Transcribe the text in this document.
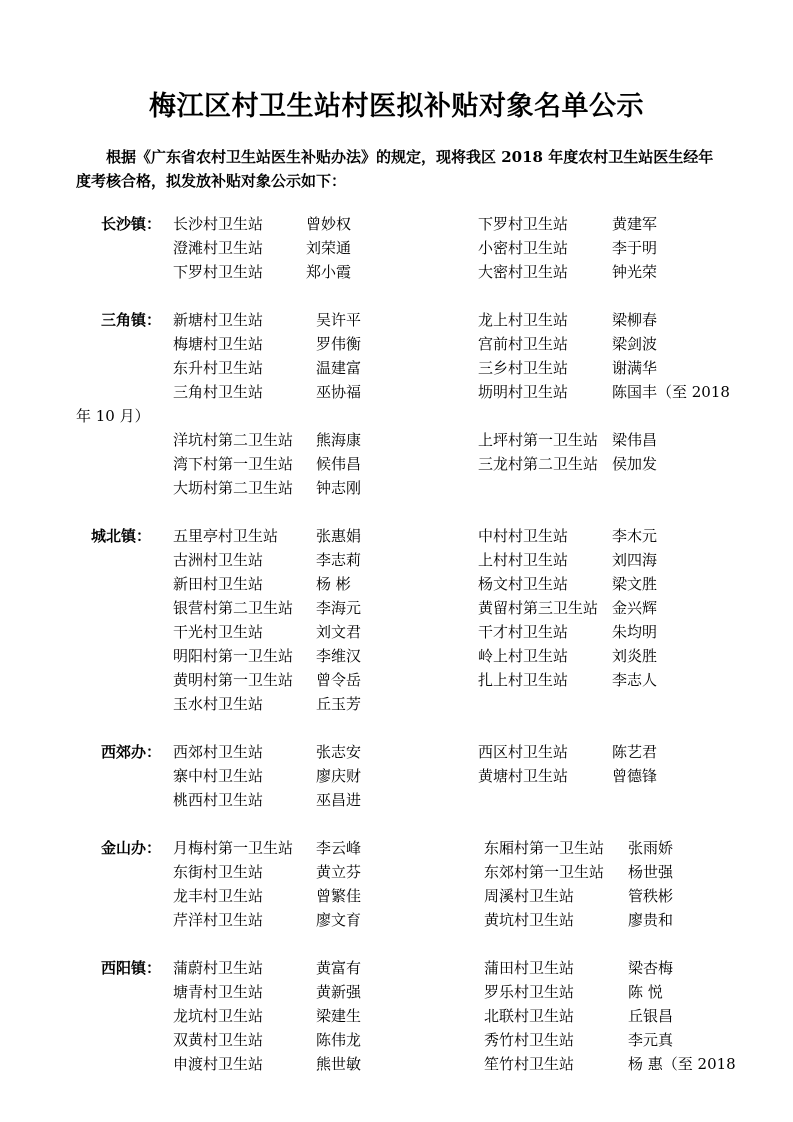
梅江区村卫生站村医拟补贴对象名单公示
根据《广东省农村卫生站医生补贴办法》的规定，现将我区 2018 年度农村卫生站医生经年度考核合格，拟发放补贴对象公示如下：
长沙镇： 长沙村卫生站	曾妙权	下罗村卫生站	黄建军
澄滩村卫生站	刘荣通	小密村卫生站	李于明
下罗村卫生站	郑小霞	大密村卫生站	钟光荣
三角镇： 新塘村卫生站	吴许平	龙上村卫生站	梁柳春
梅塘村卫生站	罗伟衡	宫前村卫生站	梁剑波
东升村卫生站	温建富	三乡村卫生站	谢满华
三角村卫生站	巫协福	坜明村卫生站	陈国丰（至 2018
年 10 月）
洋坑村第二卫生站 熊海康	上坪村第一卫生站 梁伟昌
湾下村第一卫生站 候伟昌	三龙村第二卫生站 侯加发
大坜村第二卫生站 钟志刚
城北镇： 五里亭村卫生站	张惠娟	中村村卫生站	李木元
古洲村卫生站	李志莉	上村村卫生站	刘四海
新田村卫生站	杨 彬	杨文村卫生站	梁文胜
银营村第二卫生站 李海元	黄留村第三卫生站 金兴辉
干光村卫生站	刘文君	干才村卫生站	朱均明
明阳村第一卫生站 李维汉	岭上村卫生站	刘炎胜
黄明村第一卫生站 曾令岳	扎上村卫生站	李志人
玉水村卫生站	丘玉芳
西郊办： 西郊村卫生站	张志安	西区村卫生站	陈艺君
寨中村卫生站	廖庆财	黄塘村卫生站	曾德锋
桃西村卫生站	巫昌进
金山办： 月梅村第一卫生站 李云峰	东厢村第一卫生站 张雨娇
东街村卫生站	黄立芬	东郊村第一卫生站 杨世强
龙丰村卫生站	曾繁佳	周溪村卫生站	管秩彬
芹洋村卫生站	廖文育	黄坑村卫生站	廖贵和
西阳镇： 蒲蔚村卫生站	黄富有	蒲田村卫生站	梁杏梅
塘青村卫生站	黄新强	罗乐村卫生站	陈 悦
龙坑村卫生站	梁建生	北联村卫生站	丘银昌
双黄村卫生站	陈伟龙	秀竹村卫生站	李元真
申渡村卫生站	熊世敏	笙竹村卫生站	杨 惠（至 2018
